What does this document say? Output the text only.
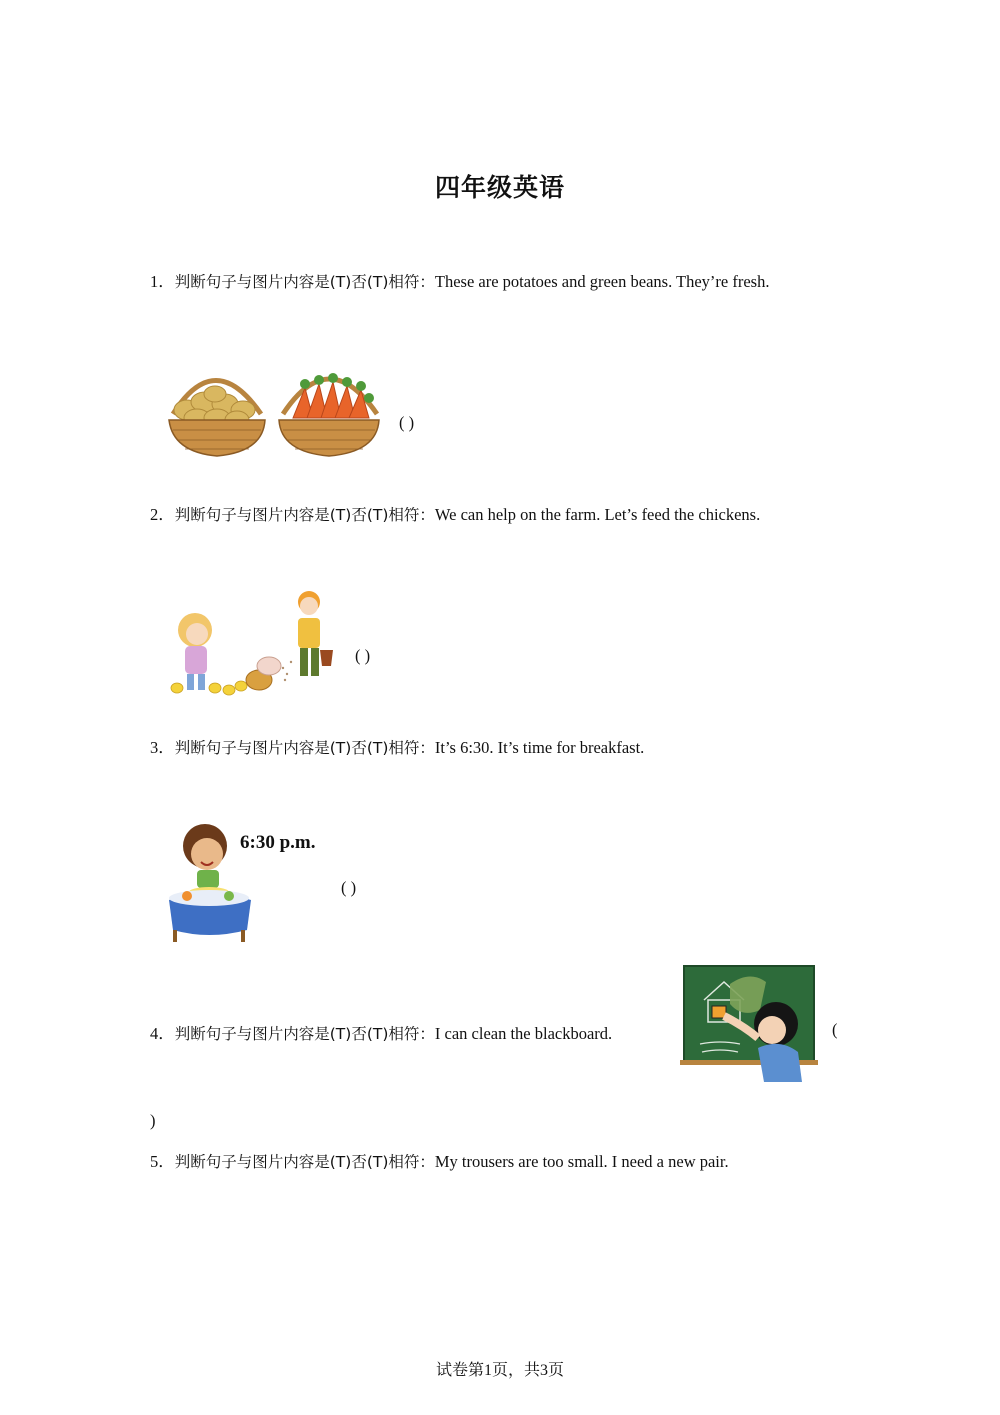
四年级英语
1．判断句子与图片内容是(T)否(T)相符：These are potatoes and green beans. They’re fresh.
( )
2．判断句子与图片内容是(T)否(T)相符：We can help on the farm. Let’s feed the chickens.
( )
3．判断句子与图片内容是(T)否(T)相符：It’s 6:30. It’s time for breakfast.
6:30 p.m.
( )
4．判断句子与图片内容是(T)否(T)相符：I can clean the blackboard.	(
)
5．判断句子与图片内容是(T)否(T)相符：My trousers are too small. I need a new pair.
试卷第1页，共3页
